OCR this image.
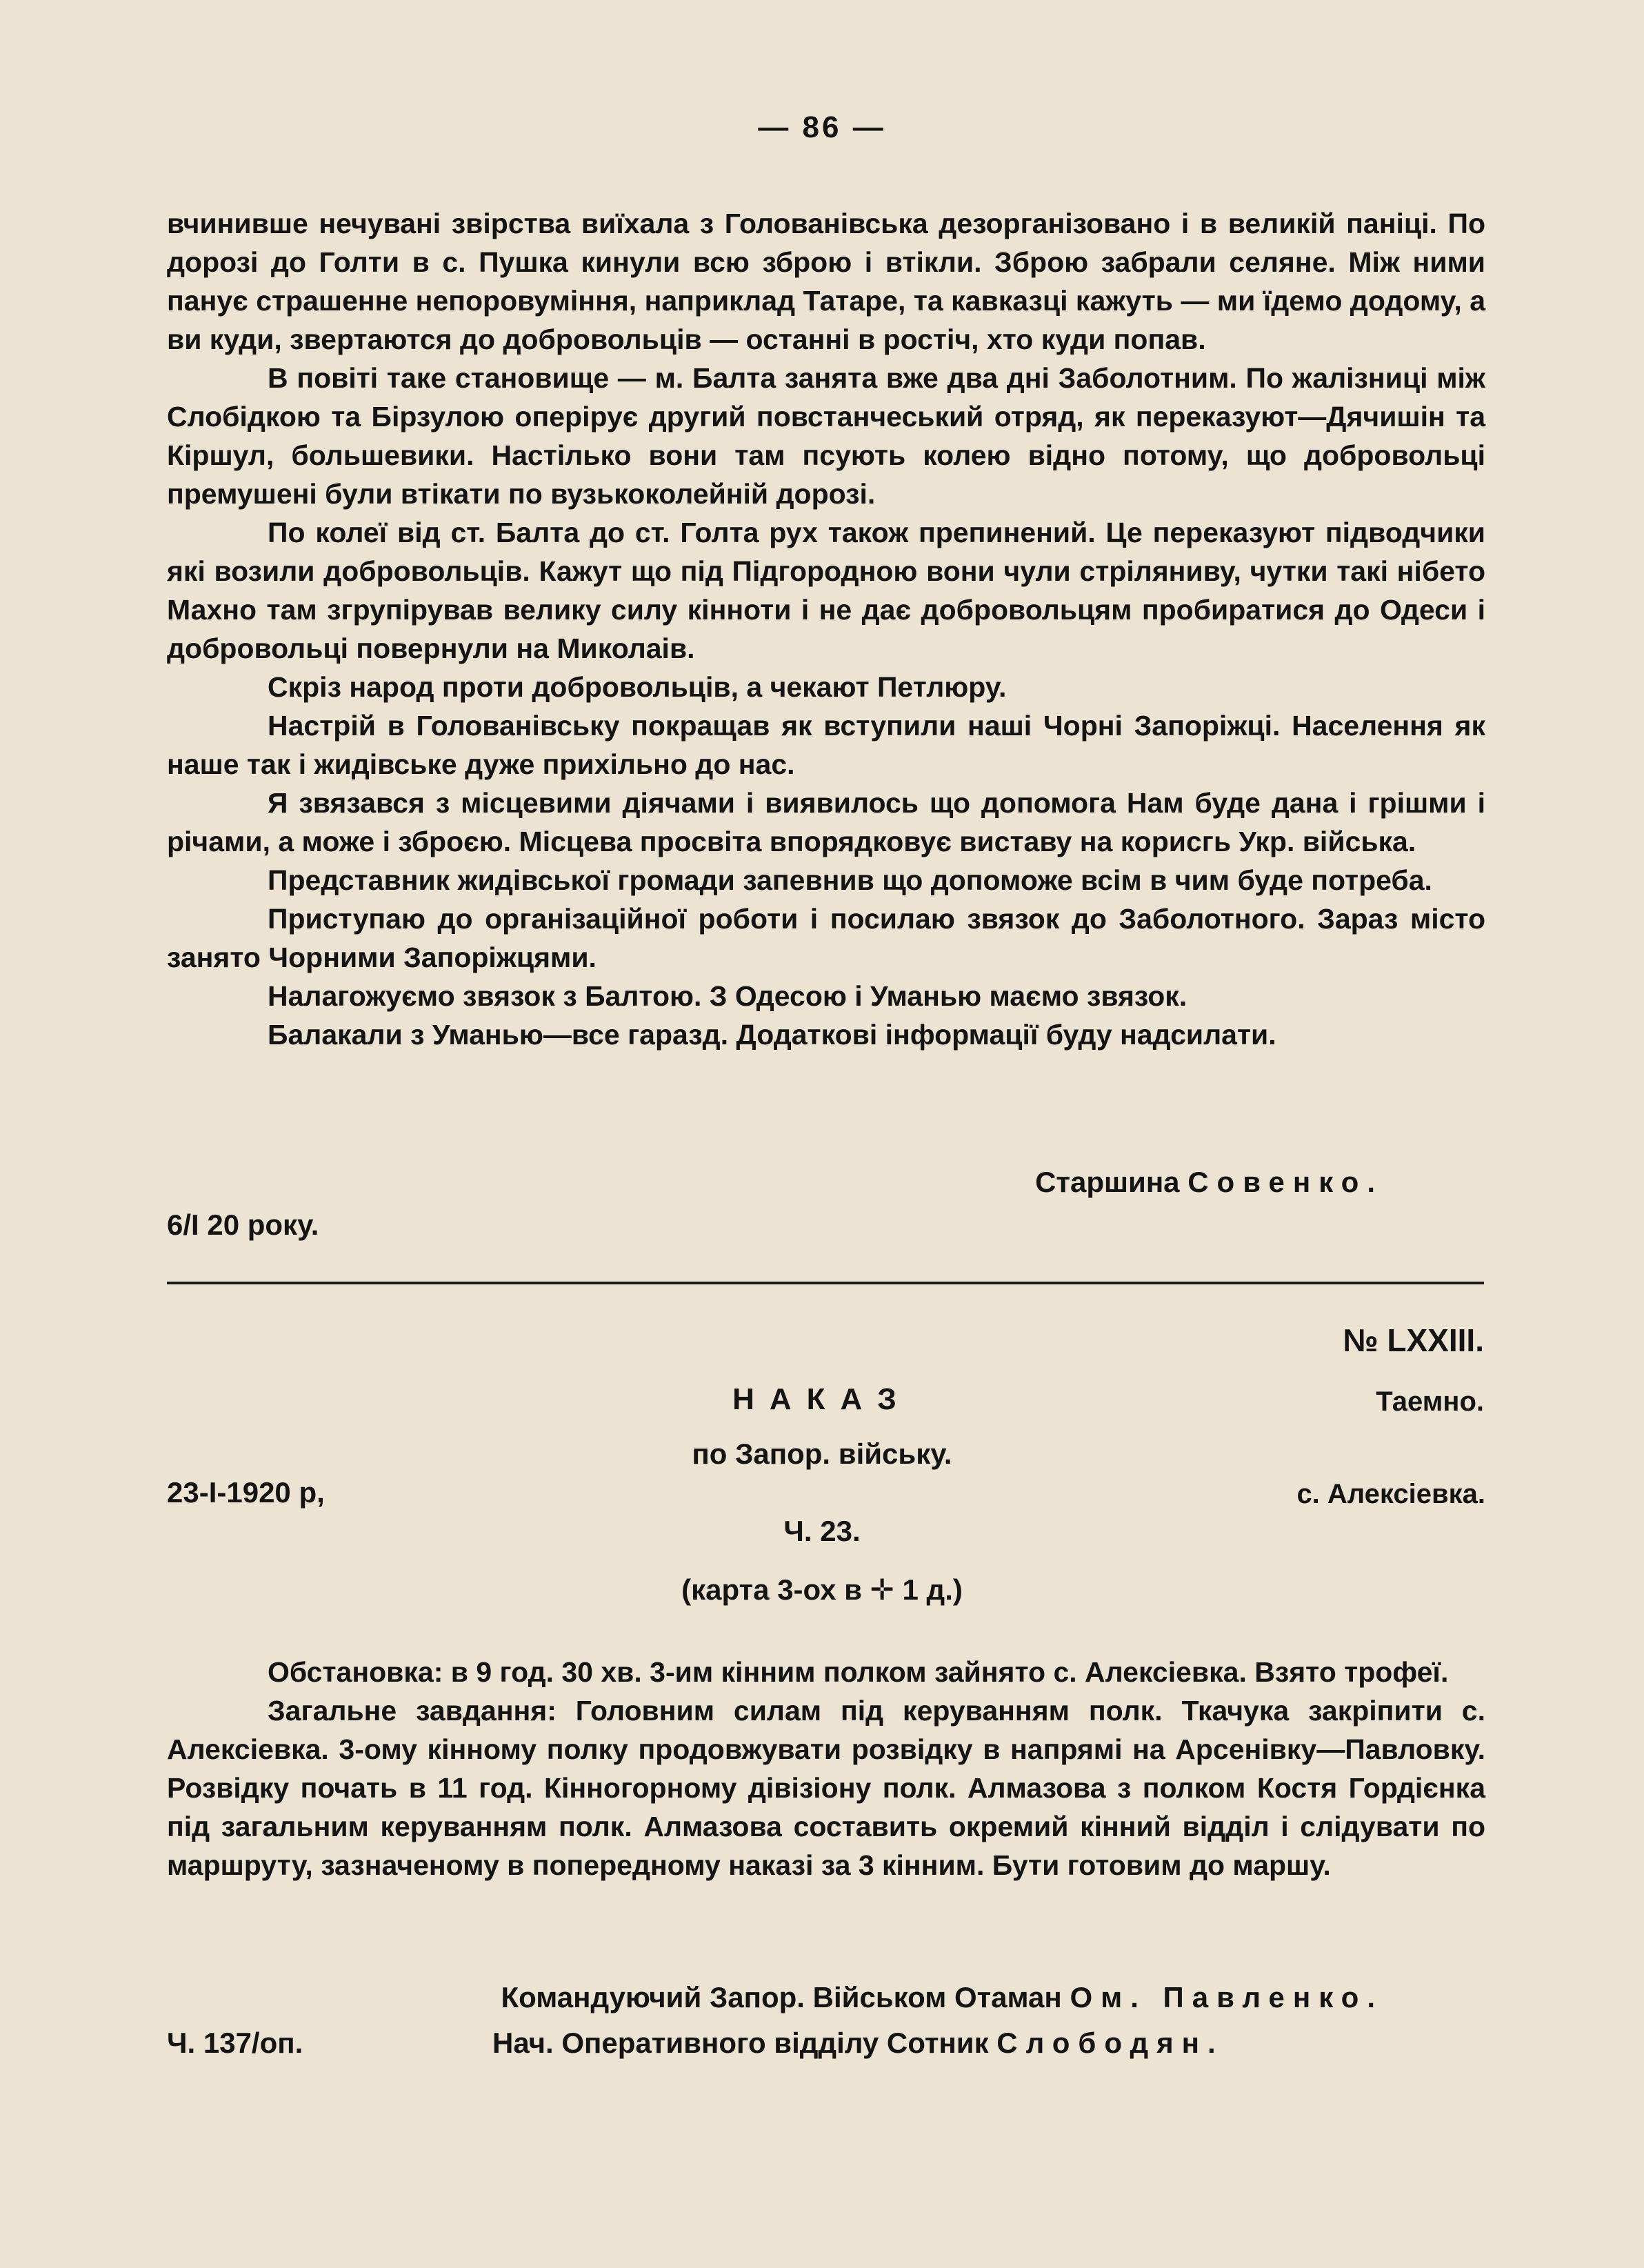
— 86 —

вчинивше нечувані звірства виїхала з Голованівська дезорганізовано і в великій паніці. По дорозі до Голти в с. Пушка кинули всю зброю і втікли. Зброю забрали селяне. Між ними панує страшенне непоровуміння, наприклад Татаре, та кавказці кажуть — ми їдемо додому, а ви куди, звертаются до добровольців — останні в ростіч, хто куди попав.

В повіті таке становище — м. Балта занята вже два дні Заболотним. По жалізниці між Слобідкою та Бірзулою оперірує другий повстанчеський отряд, як переказуют—Дячишін та Кіршул, большевики. Настілько вони там псують колею відно потому, що добровольці премушені були втікати по вузькоколейній дорозі.

По колеї від ст. Балта до ст. Голта рух також препинений. Це переказуют підводчики які возили добровольців. Кажут що під Підгородною вони чули стріляниву, чутки такі нібето Махно там згрупірував велику силу кінноти і не дає добровольцям пробиратися до Одеси і добровольці повернули на Миколаів.

Скріз народ проти добровольців, а чекают Петлюру.

Настрій в Голованівську покращав як вступили наші Чорні Запоріжці. Населення як наше так і жидівське дуже прихільно до нас.

Я звязався з місцевими діячами і виявилось що допомога Нам буде дана і грішми і річами, а може і зброєю. Місцева просвіта впорядковує виставу на корисгь Укр. війська.

Представник жидівської громади запевнив що допоможе всім в чим буде потреба.

Приступаю до організаційної роботи і посилаю звязок до Заболотного. Зараз місто занято Чорними Запоріжцями.

Налагожуємо звязок з Балтою. З Одесою і Уманью маємо звязок.

Балакали з Уманью—все гаразд. Додаткові інформації буду надсилати.

Старшина Совенко.
6/I 20 року.
№ LXXIII.
НАКАЗ	Таемно.
по Запор. війську.
23-І-1920 р,	с. Алексіевка.
Ч. 23.
(карта 3-ох в ✛ 1 д.)

Обстановка: в 9 год. 30 хв. 3-им кінним полком зайнято с. Алексіевка. Взято трофеї.

Загальне завдання: Головним силам під керуванням полк. Ткачука закріпити с. Алексіевка. 3-ому кінному полку продовжувати розвідку в напрямі на Арсенівку—Павловку. Розвідку почать в 11 год. Кінногорному дівізіону полк. Алмазова з полком Костя Гордієнка під загальним керуванням полк. Алмазова составить окремий кінний відділ і слідувати по маршруту, зазначеному в попередному наказі за 3 кінним. Бути готовим до маршу.

Командуючий Запор. Військом Отаман Ом. Павленко.
Ч. 137/оп.	Нач. Оперативного відділу Сотник Слободян.
